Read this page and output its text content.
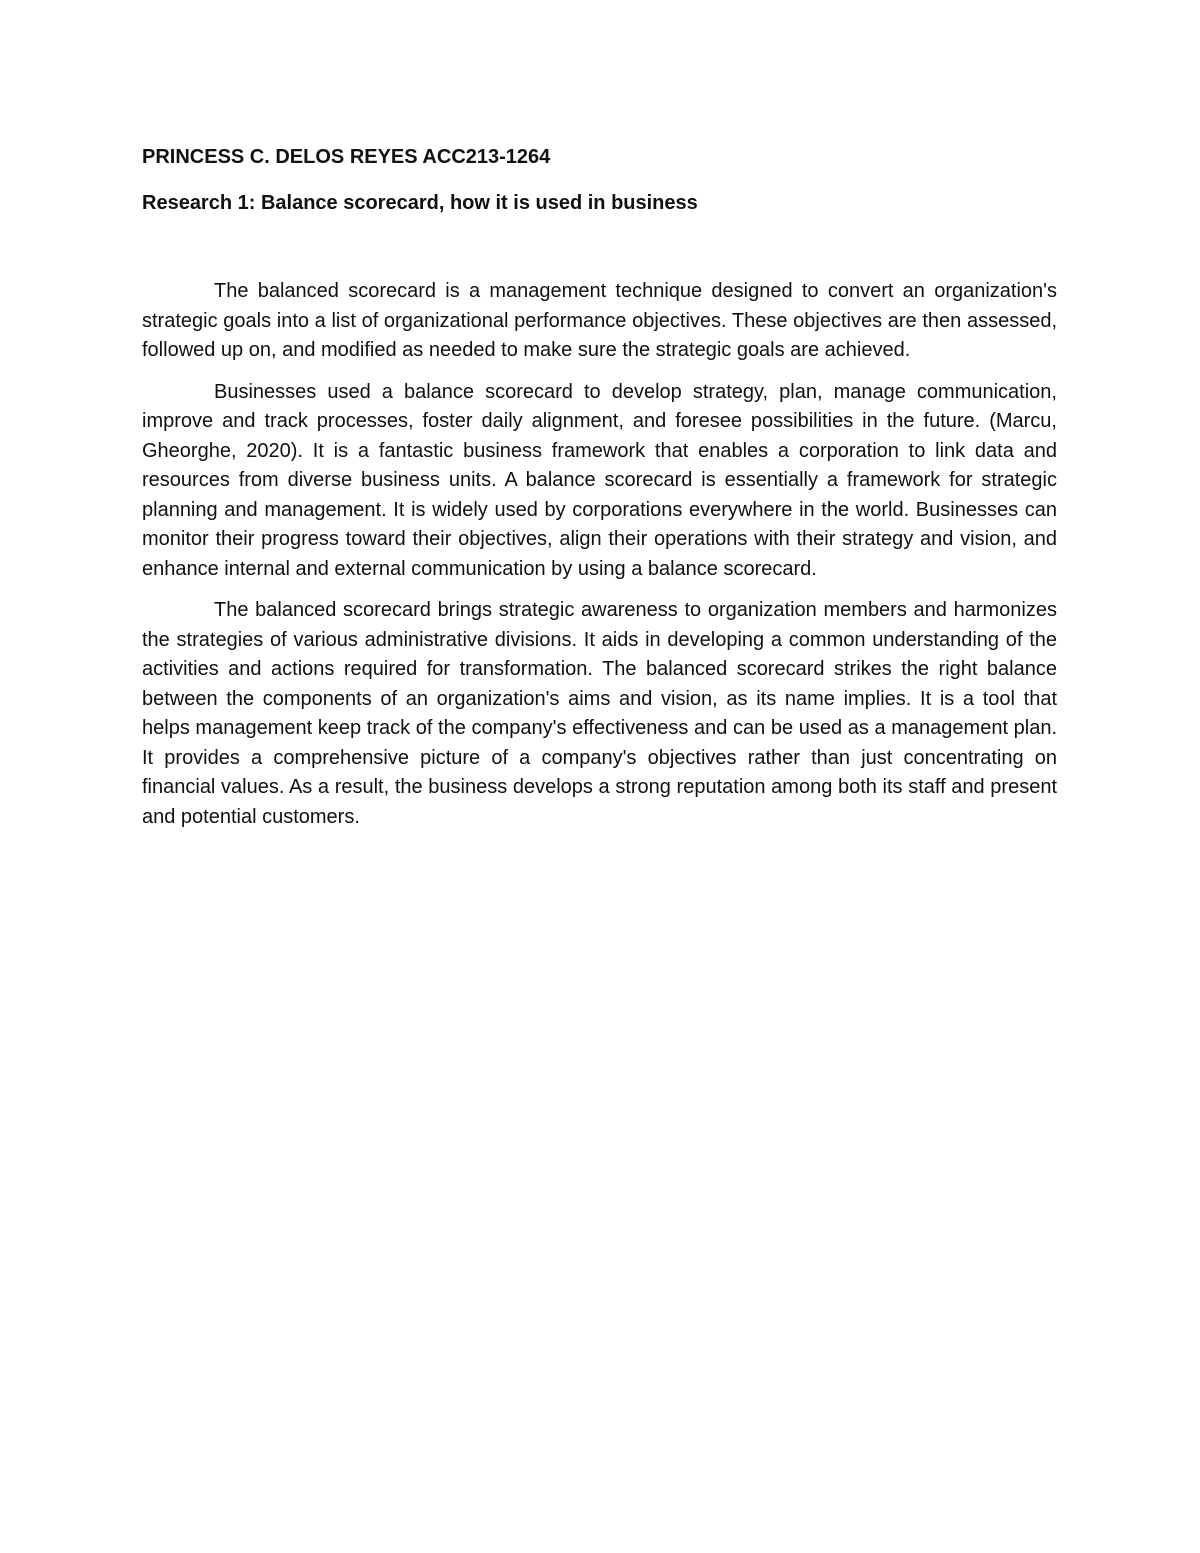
PRINCESS C. DELOS REYES ACC213-1264

Research 1: Balance scorecard, how it is used in business

The balanced scorecard is a management technique designed to convert an organization's strategic goals into a list of organizational performance objectives. These objectives are then assessed, followed up on, and modified as needed to make sure the strategic goals are achieved.

Businesses used a balance scorecard to develop strategy, plan, manage communication, improve and track processes, foster daily alignment, and foresee possibilities in the future. (Marcu, Gheorghe, 2020). It is a fantastic business framework that enables a corporation to link data and resources from diverse business units. A balance scorecard is essentially a framework for strategic planning and management. It is widely used by corporations everywhere in the world. Businesses can monitor their progress toward their objectives, align their operations with their strategy and vision, and enhance internal and external communication by using a balance scorecard.

The balanced scorecard brings strategic awareness to organization members and harmonizes the strategies of various administrative divisions. It aids in developing a common understanding of the activities and actions required for transformation. The balanced scorecard strikes the right balance between the components of an organization's aims and vision, as its name implies. It is a tool that helps management keep track of the company's effectiveness and can be used as a management plan. It provides a comprehensive picture of a company's objectives rather than just concentrating on financial values. As a result, the business develops a strong reputation among both its staff and present and potential customers.
